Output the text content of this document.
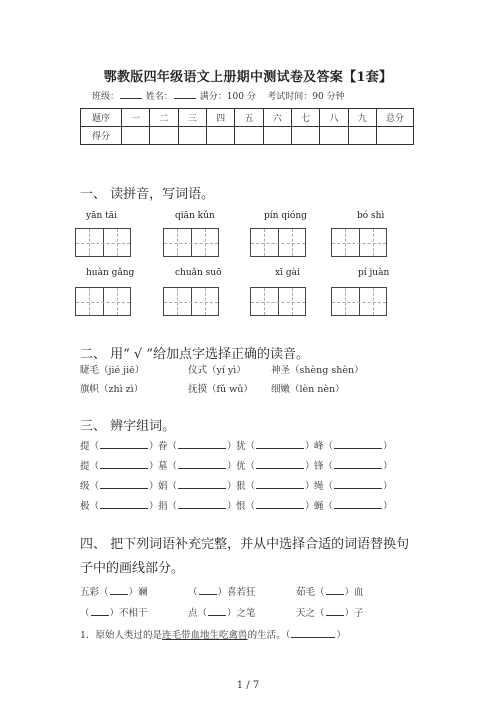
鄂教版四年级语文上册期中测试卷及答案【1套】
班级：	姓名：	满分：100 分 考试时间：90 分钟
题序	一	二	三	四	五	六	七	八	九	总分
得分										
一、 读拼音，写词语。
yān tāi	qiān kǔn	pín qióng	bó shì
huàn gǎng	chuǎn suō	xī gài	pí juàn
二、 用“ √ ”给加点字选择正确的读音。
睫毛（jié jiē）	仪式（yí yì）	神圣（shèng shèn）
旗帜（zhì zì）	抚摸（fǔ wǔ） 细嫩（lèn nèn）
三、 辨字组词。
提（	） 眷（	） 犹（	） 峰（	）
提（	） 墓（	） 优（	） 锋（	）
级（	） 娟（	） 狠（	） 绳（	）
极（	） 捐（	） 恨（	） 蝇（	）
四、 把下列词语补充完整，并从中选择合适的词语替换句
子中的画线部分。
五彩（ ）斓	（ ）喜若狂	茹毛（ ）血
（ ）不相干	点（ ）之笔	天之（ ）子
1．原始人类过的是连毛带血地生吃禽兽的生活。（	）
1 / 7
